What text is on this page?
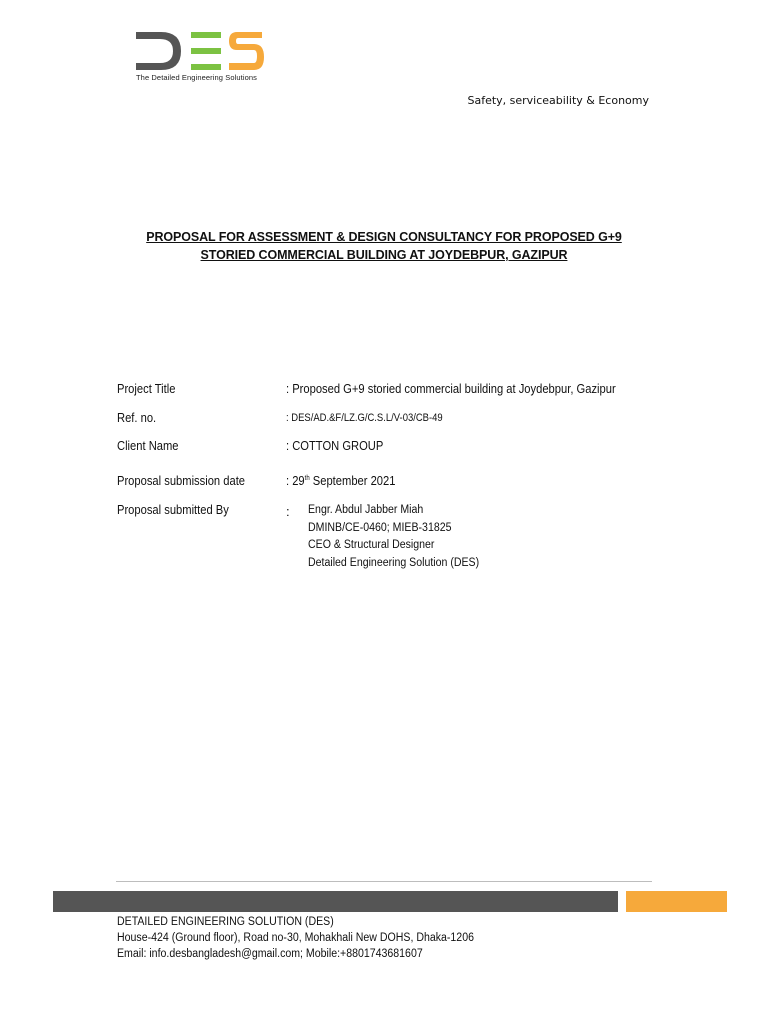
The Detailed Engineering Solutions
Safety, serviceability & Economy
PROPOSAL FOR ASSESSMENT & DESIGN CONSULTANCY FOR PROPOSED G+9
STORIED COMMERCIAL BUILDING AT JOYDEBPUR, GAZIPUR
Project Title	: Proposed G+9 storied commercial building at Joydebpur, Gazipur
Ref. no.	: DES/AD.&F/LZ.G/C.S.L/V-03/CB-49
Client Name	: COTTON GROUP
Proposal submission date	: 29th September 2021
Proposal submitted By	: Engr. Abdul Jabber Miah
DMINB/CE-0460; MIEB-31825
CEO & Structural Designer
Detailed Engineering Solution (DES)
DETAILED ENGINEERING SOLUTION (DES)
House-424 (Ground floor), Road no-30, Mohakhali New DOHS, Dhaka-1206
Email: info.desbangladesh@gmail.com; Mobile:+8801743681607
